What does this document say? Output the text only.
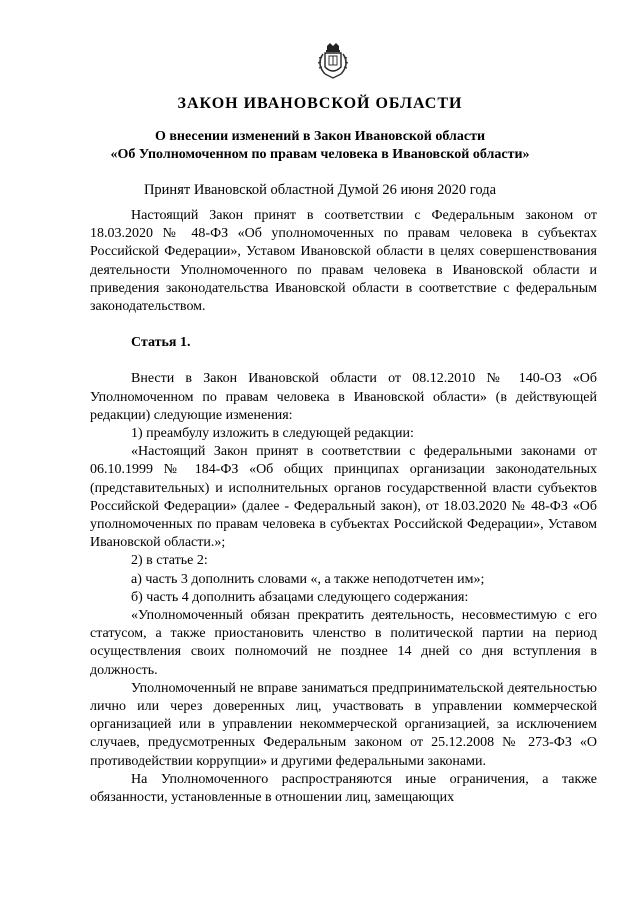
ЗАКОН ИВАНОВСКОЙ ОБЛАСТИ
О внесении изменений в Закон Ивановской области
«Об Уполномоченном по правам человека в Ивановской области»
Принят Ивановской областной Думой 26 июня 2020 года

Настоящий Закон принят в соответствии с Федеральным законом от 18.03.2020 № 48-ФЗ «Об уполномоченных по правам человека в субъектах Российской Федерации», Уставом Ивановской области в целях совершенствования деятельности Уполномоченного по правам человека в Ивановской области и приведения законодательства Ивановской области в соответствие с федеральным законодательством.

Статья 1.

Внести в Закон Ивановской области от 08.12.2010 № 140-ОЗ «Об Уполномоченном по правам человека в Ивановской области» (в действующей редакции) следующие изменения:

1) преамбулу изложить в следующей редакции:

«Настоящий Закон принят в соответствии с федеральными законами от 06.10.1999 № 184-ФЗ «Об общих принципах организации законодательных (представительных) и исполнительных органов государственной власти субъектов Российской Федерации» (далее - Федеральный закон), от 18.03.2020 № 48-ФЗ «Об уполномоченных по правам человека в субъектах Российской Федерации», Уставом Ивановской области.»;

2) в статье 2:

а) часть 3 дополнить словами «, а также неподотчетен им»;

б) часть 4 дополнить абзацами следующего содержания:

«Уполномоченный обязан прекратить деятельность, несовместимую с его статусом, а также приостановить членство в политической партии на период осуществления своих полномочий не позднее 14 дней со дня вступления в должность.

Уполномоченный не вправе заниматься предпринимательской деятельностью лично или через доверенных лиц, участвовать в управлении коммерческой организацией или в управлении некоммерческой организацией, за исключением случаев, предусмотренных Федеральным законом от 25.12.2008 № 273-ФЗ «О противодействии коррупции» и другими федеральными законами.

На Уполномоченного распространяются иные ограничения, а также обязанности, установленные в отношении лиц, замещающих
